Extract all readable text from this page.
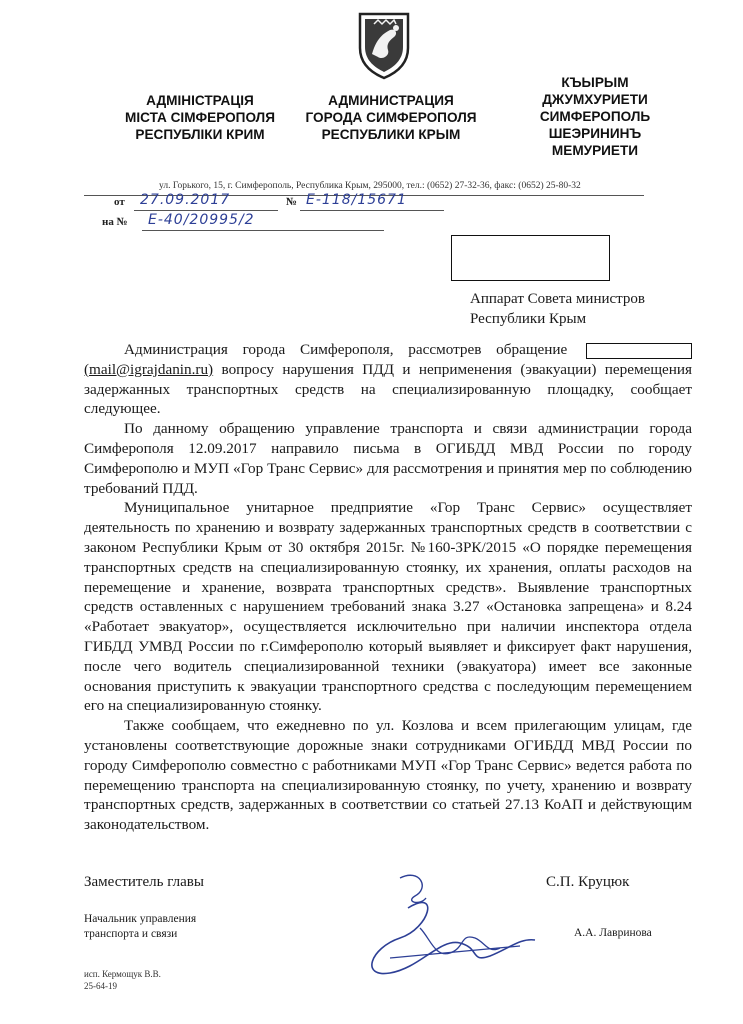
АДМІНІСТРАЦІЯ
МІСТА СІМФЕРОПОЛЯ
РЕСПУБЛІКИ КРИМ
АДМИНИСТРАЦИЯ
ГОРОДА СИМФЕРОПОЛЯ
РЕСПУБЛИКИ КРЫМ
КЪЫРЫМ
ДЖУМХУРИЕТИ
СИМФЕРОПОЛЬ
ШЕЭРИНИНЪ
МЕМУРИЕТИ
ул. Горького, 15, г. Симферополь, Республика Крым, 295000, тел.: (0652) 27-32-36, факс: (0652) 25-80-32
от 27.09.2017	№ Е-118/15671
на № Е-40/20995/2
Аппарат Совета министров
Республики Крым

Администрация города Симферополя, рассмотрев обращение  (mail@igrajdanin.ru) вопросу нарушения ПДД и неприменения (эвакуации) перемещения задержанных транспортных средств на специализированную площадку, сообщает следующее.

По данному обращению управление транспорта и связи администрации города Симферополя 12.09.2017 направило письма в ОГИБДД МВД России по городу Симферополю и МУП «Гор Транс Сервис» для рассмотрения и принятия мер по соблюдению требований ПДД.

Муниципальное унитарное предприятие «Гор Транс Сервис» осуществляет деятельность по хранению и возврату задержанных транспортных средств в соответствии с законом Республики Крым от 30 октября 2015г. №160-ЗРК/2015 «О порядке перемещения транспортных средств на специализированную стоянку, их хранения, оплаты расходов на перемещение и хранение, возврата транспортных средств». Выявление транспортных средств оставленных с нарушением требований знака 3.27 «Остановка запрещена» и 8.24 «Работает эвакуатор», осуществляется исключительно при наличии инспектора отдела ГИБДД УМВД России по г.Симферополю который выявляет и фиксирует факт нарушения, после чего водитель специализированной техники (эвакуатора) имеет все законные основания приступить к эвакуации транспортного средства с последующим перемещением его на специализированную стоянку.

Также сообщаем, что ежедневно по ул. Козлова и всем прилегающим улицам, где установлены соответствующие дорожные знаки сотрудниками ОГИБДД МВД России по городу Симферополю совместно с работниками МУП «Гор Транс Сервис» ведется работа по перемещению транспорта на специализированную стоянку, по учету, хранению и возврату транспортных средств, задержанных в соответствии со статьей 27.13 КоАП и действующим законодательством.

Заместитель главы	С.П. Круцюк
Начальник управления
транспорта и связи	А.А. Лавринова
исп. Кермощук В.В.
25-64-19
